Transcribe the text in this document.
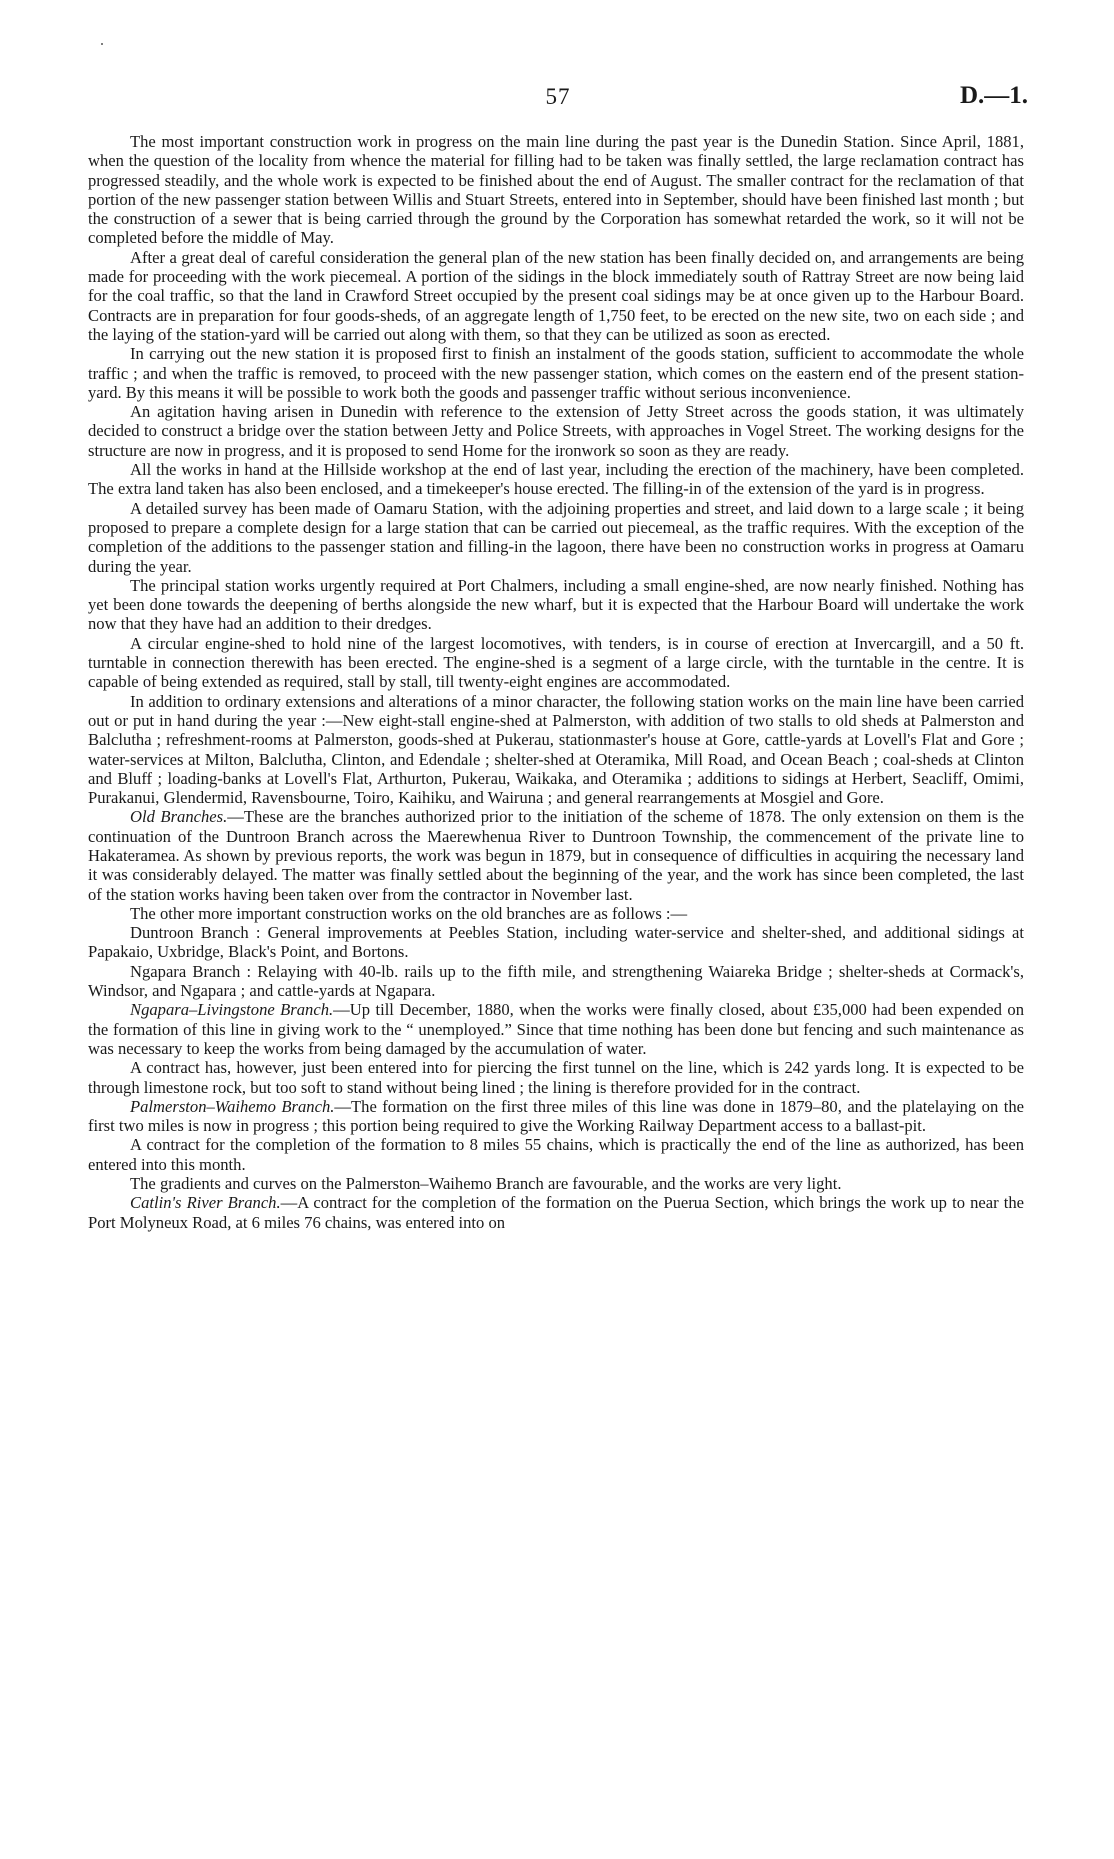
57	D.—1.

The most important construction work in progress on the main line during the past year is the Dunedin Station. Since April, 1881, when the question of the locality from whence the material for filling had to be taken was finally settled, the large reclamation contract has progressed steadily, and the whole work is expected to be finished about the end of August. The smaller contract for the reclamation of that portion of the new passenger station between Willis and Stuart Streets, entered into in September, should have been finished last month ; but the construction of a sewer that is being carried through the ground by the Corporation has somewhat retarded the work, so it will not be completed before the middle of May.

After a great deal of careful consideration the general plan of the new station has been finally decided on, and arrangements are being made for proceeding with the work piecemeal. A portion of the sidings in the block immediately south of Rattray Street are now being laid for the coal traffic, so that the land in Crawford Street occupied by the present coal sidings may be at once given up to the Harbour Board. Contracts are in preparation for four goods-sheds, of an aggregate length of 1,750 feet, to be erected on the new site, two on each side ; and the laying of the station-yard will be carried out along with them, so that they can be utilized as soon as erected.

In carrying out the new station it is proposed first to finish an instalment of the goods station, sufficient to accommodate the whole traffic ; and when the traffic is removed, to proceed with the new passenger station, which comes on the eastern end of the present station-yard. By this means it will be possible to work both the goods and passenger traffic without serious inconvenience.

An agitation having arisen in Dunedin with reference to the extension of Jetty Street across the goods station, it was ultimately decided to construct a bridge over the station between Jetty and Police Streets, with approaches in Vogel Street. The working designs for the structure are now in progress, and it is proposed to send Home for the ironwork so soon as they are ready.

All the works in hand at the Hillside workshop at the end of last year, including the erection of the machinery, have been completed. The extra land taken has also been enclosed, and a timekeeper's house erected. The filling-in of the extension of the yard is in progress.

A detailed survey has been made of Oamaru Station, with the adjoining properties and street, and laid down to a large scale ; it being proposed to prepare a complete design for a large station that can be carried out piecemeal, as the traffic requires. With the exception of the completion of the additions to the passenger station and filling-in the lagoon, there have been no construction works in progress at Oamaru during the year.

The principal station works urgently required at Port Chalmers, including a small engine-shed, are now nearly finished. Nothing has yet been done towards the deepening of berths alongside the new wharf, but it is expected that the Harbour Board will undertake the work now that they have had an addition to their dredges.

A circular engine-shed to hold nine of the largest locomotives, with tenders, is in course of erection at Invercargill, and a 50 ft. turntable in connection therewith has been erected. The engine-shed is a segment of a large circle, with the turntable in the centre. It is capable of being extended as required, stall by stall, till twenty-eight engines are accommodated.

In addition to ordinary extensions and alterations of a minor character, the following station works on the main line have been carried out or put in hand during the year :—New eight-stall engine-shed at Palmerston, with addition of two stalls to old sheds at Palmerston and Balclutha ; refreshment-rooms at Palmerston, goods-shed at Pukerau, stationmaster's house at Gore, cattle-yards at Lovell's Flat and Gore ; water-services at Milton, Balclutha, Clinton, and Edendale ; shelter-shed at Oteramika, Mill Road, and Ocean Beach ; coal-sheds at Clinton and Bluff ; loading-banks at Lovell's Flat, Arthurton, Pukerau, Waikaka, and Oteramika ; additions to sidings at Herbert, Seacliff, Omimi, Purakanui, Glendermid, Ravensbourne, Toiro, Kaihiku, and Wairuna ; and general rearrangements at Mosgiel and Gore.

Old Branches.—These are the branches authorized prior to the initiation of the scheme of 1878. The only extension on them is the continuation of the Duntroon Branch across the Maerewhenua River to Duntroon Township, the commencement of the private line to Hakateramea. As shown by previous reports, the work was begun in 1879, but in consequence of difficulties in acquiring the necessary land it was considerably delayed. The matter was finally settled about the beginning of the year, and the work has since been completed, the last of the station works having been taken over from the contractor in November last.

The other more important construction works on the old branches are as follows :—

Duntroon Branch : General improvements at Peebles Station, including water-service and shelter-shed, and additional sidings at Papakaio, Uxbridge, Black's Point, and Bortons.

Ngapara Branch : Relaying with 40-lb. rails up to the fifth mile, and strengthening Waiareka Bridge ; shelter-sheds at Cormack's, Windsor, and Ngapara ; and cattle-yards at Ngapara.

Ngapara–Livingstone Branch.—Up till December, 1880, when the works were finally closed, about £35,000 had been expended on the formation of this line in giving work to the “ unemployed.” Since that time nothing has been done but fencing and such maintenance as was necessary to keep the works from being damaged by the accumulation of water.

A contract has, however, just been entered into for piercing the first tunnel on the line, which is 242 yards long. It is expected to be through limestone rock, but too soft to stand without being lined ; the lining is therefore provided for in the contract.

Palmerston–Waihemo Branch.—The formation on the first three miles of this line was done in 1879–80, and the platelaying on the first two miles is now in progress ; this portion being required to give the Working Railway Department access to a ballast-pit.

A contract for the completion of the formation to 8 miles 55 chains, which is practically the end of the line as authorized, has been entered into this month.

The gradients and curves on the Palmerston–Waihemo Branch are favourable, and the works are very light.

Catlin's River Branch.—A contract for the completion of the formation on the Puerua Section, which brings the work up to near the Port Molyneux Road, at 6 miles 76 chains, was entered into on
